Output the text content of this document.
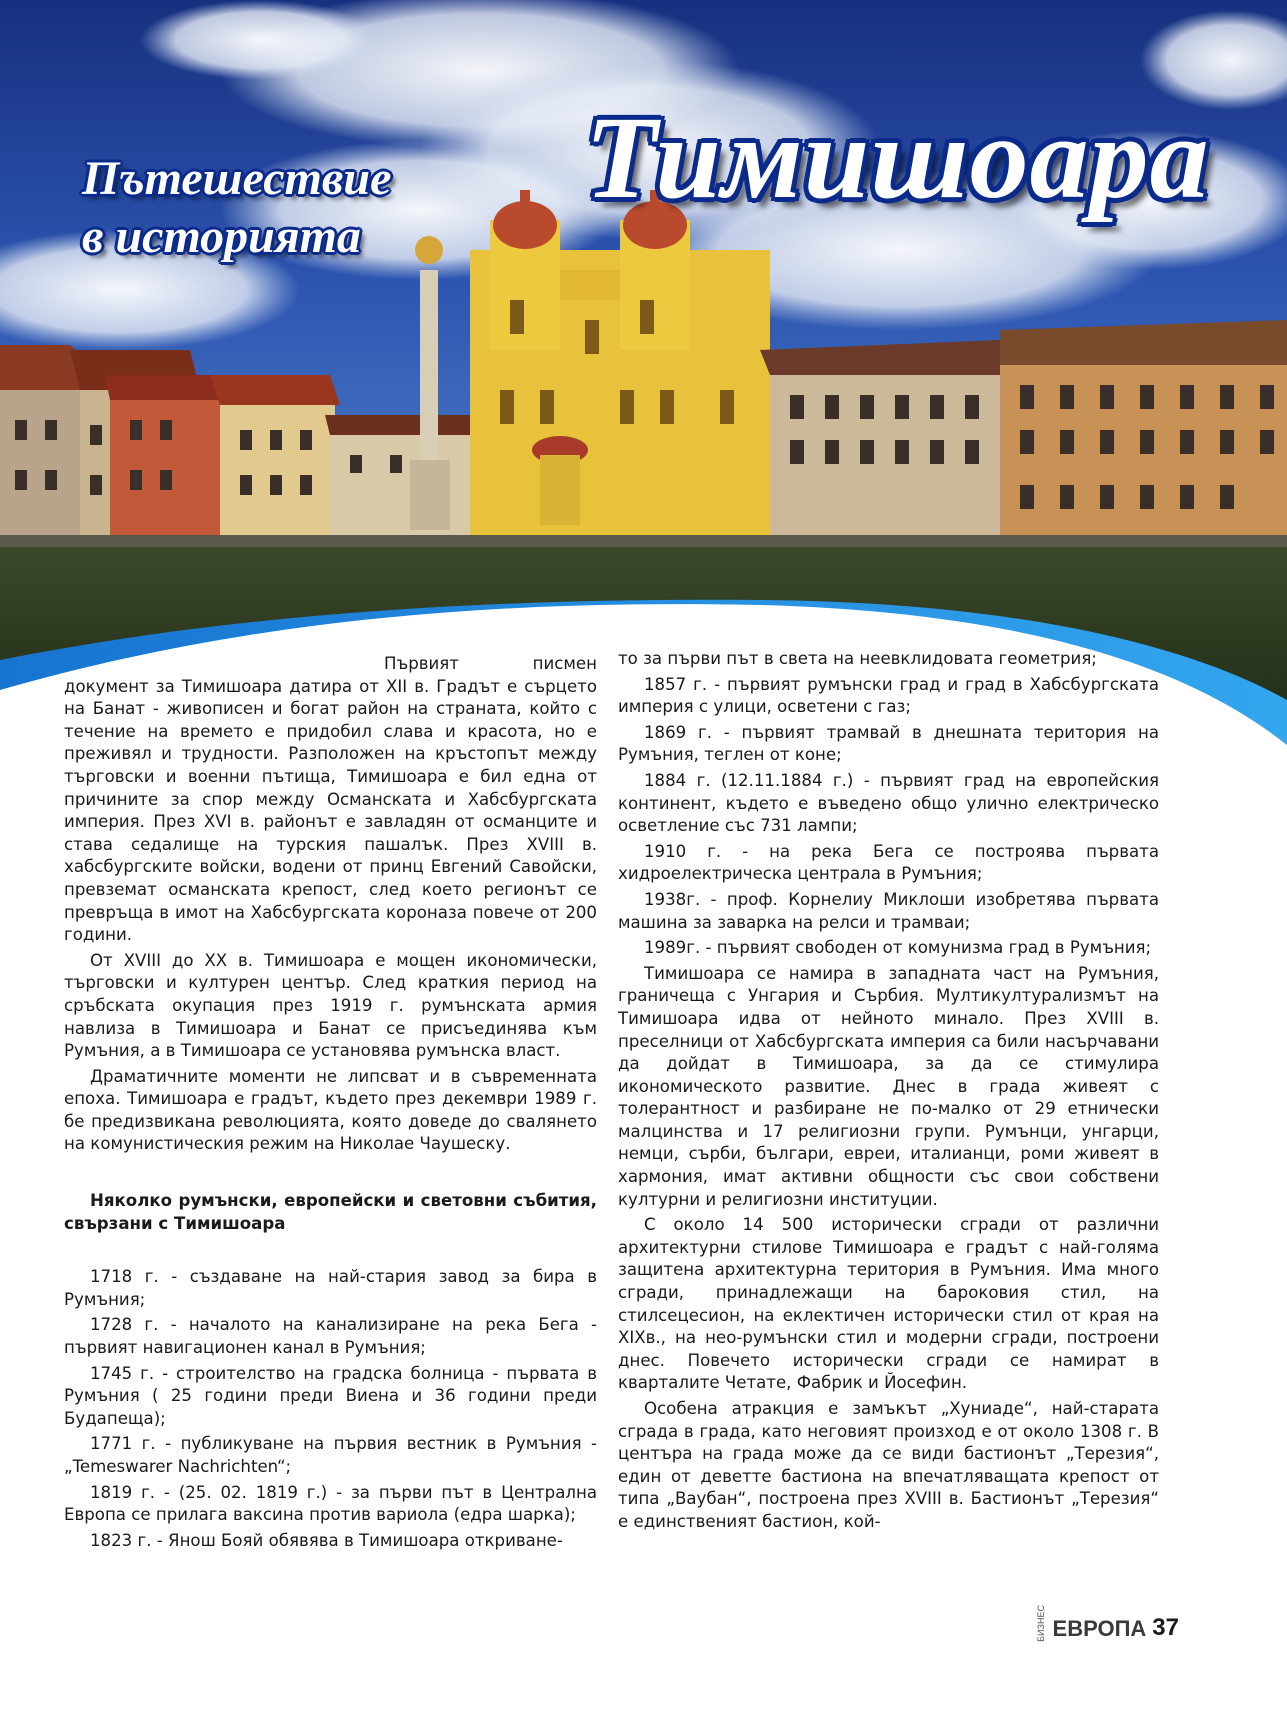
Тимишоара
Пътешествие
в историята

Първият писмен документ за Тимишоара датира от XII в. Градът е сърцето на Банат - живописен и богат район на страната, който с течение на времето е придобил слава и красота, но е преживял и трудности. Разположен на кръстопът между търговски и военни пътища, Тимишоара е бил една от причините за спор между Османската и Хабсбургската империя. През XVI в. районът е завладян от османците и става седалище на турския пашалък. През XVIII в. хабсбургските войски, водени от принц Евгений Савойски, превземат османската крепост, след което регионът се превръща в имот на Хабсбургската короназа повече от 200 години.

От XVIII до XX в. Тимишоара е мощен икономически, търговски и културен център. След краткия период на сръбската окупация през 1919 г. румънската армия навлиза в Тимишоара и Банат се присъединява към Румъния, а в Тимишоара се установява румънска власт.

Драматичните моменти не липсват и в съвременната епоха. Тимишоара е градът, където през декември 1989 г. бе предизвикана революцията, която доведе до свалянето на комунистическия режим на Николае Чаушеску.

Няколко румънски, европейски и световни събития, свързани с Тимишоара

1718 г. - създаване на най-стария завод за бира в Румъния;

1728 г. - началото на канализиране на река Бега - първият навигационен канал в Румъния;

1745 г. - строителство на градска болница - първата в Румъния ( 25 години преди Виена и 36 години преди Будапеща);

1771 г. - публикуване на първия вестник в Румъния - „Temeswarer Nachrichten“;

1819 г. - (25. 02. 1819 г.) - за първи път в Централна Европа се прилага ваксина против вариола (едра шарка);

1823 г. - Янош Бояй обявява в Тимишоара откриване-

то за първи път в света на неевклидовата геометрия;

1857 г. - първият румънски град и град в Хабсбургската империя с улици, осветени с газ;

1869 г. - първият трамвай в днешната територия на Румъния, теглен от коне;

1884 г. (12.11.1884 г.) - първият град на европейския континент, където е въведено общо улично електрическо осветление със 731 лампи;

1910 г. - на река Бега се построява първата хидроелектрическа централа в Румъния;

1938г. - проф. Корнелиу Миклоши изобретява първата машина за заварка на релси и трамваи;

1989г. - първият свободен от комунизма град в Румъния;

Тимишоара се намира в западната част на Румъния, граничеща с Унгария и Сърбия. Мултикултурализмът на Тимишоара идва от нейното минало. През XVIII в. преселници от Хабсбургската империя са били насърчавани да дойдат в Тимишоара, за да се стимулира икономическото развитие. Днес в града живеят с толерантност и разбиране не по-малко от 29 етнически малцинства и 17 религиозни групи. Румънци, унгарци, немци, сърби, българи, евреи, италианци, роми живеят в хармония, имат активни общности със свои собствени културни и религиозни институции.

С около 14 500 исторически сгради от различни архитектурни стилове Тимишоара е градът с най-голяма защитена архитектурна територия в Румъния. Има много сгради, принадлежащи на бароковия стил, на стилсецесион, на еклектичен исторически стил от края на XIXв., на нео-румънски стил и модерни сгради, построени днес. Повечето исторически сгради се намират в кварталите Четате, Фабрик и Йосефин.

Особена атракция е замъкът „Хуниаде“, най-старата сграда в града, като неговият произход е от около 1308 г. В центъра на града може да се види бастионът „Терезия“, един от деветте бастиона на впечатляващата крепост от типа „Ваубан“, построена през XVIII в. Бастионът „Терезия“ е единственият бастион, кой-

БИЗНЕС ЕВРОПА 37
